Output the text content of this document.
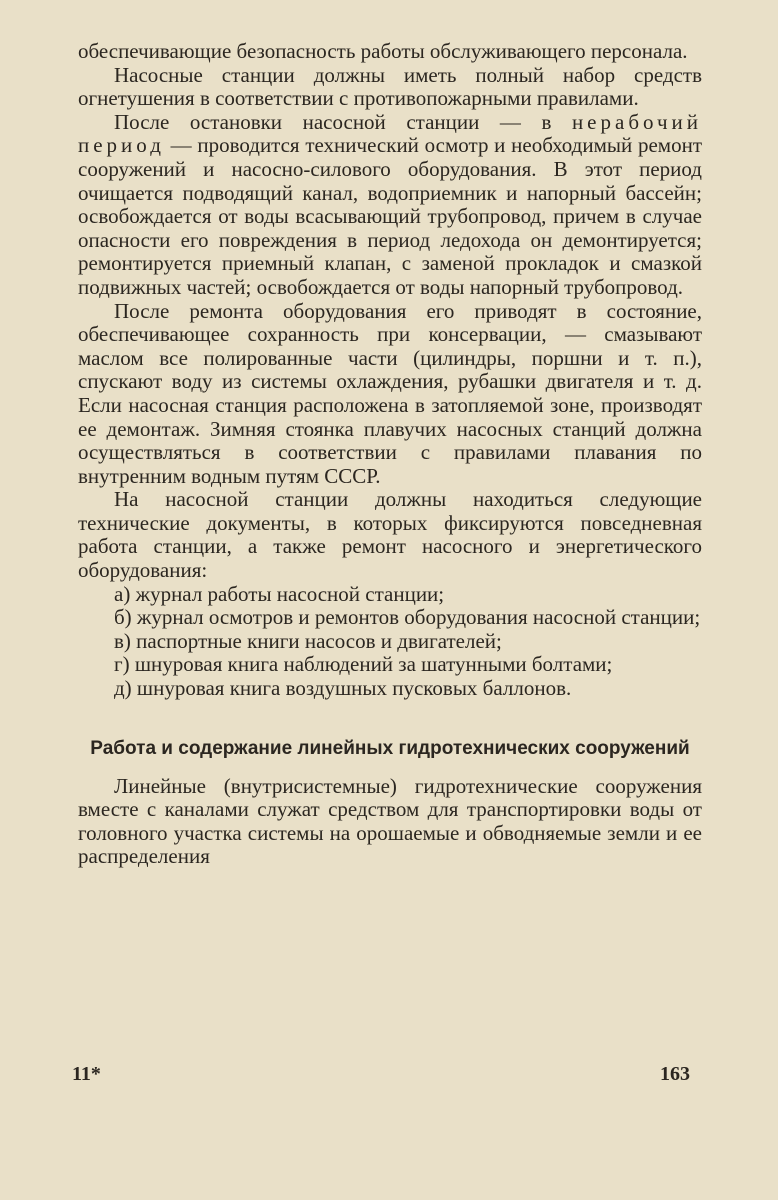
обеспечивающие безопасность работы обслуживающего персонала.

Насосные станции должны иметь полный набор средств огнетушения в соответствии с противопожарными правилами.

После остановки насосной станции — в нерабочий период — проводится технический осмотр и необходимый ремонт сооружений и насосно-силового оборудования. В этот период очищается подводящий канал, водоприемник и напорный бассейн; освобождается от воды всасывающий трубопровод, причем в случае опасности его повреждения в период ледохода он демонтируется; ремонтируется приемный клапан, с заменой прокладок и смазкой подвижных частей; освобождается от воды напорный трубопровод.

После ремонта оборудования его приводят в состояние, обеспечивающее сохранность при консервации, — смазывают маслом все полированные части (цилиндры, поршни и т. п.), спускают воду из системы охлаждения, рубашки двигателя и т. д. Если насосная станция расположена в затопляемой зоне, производят ее демонтаж. Зимняя стоянка плавучих насосных станций должна осуществляться в соответствии с правилами плавания по внутренним водным путям СССР.

На насосной станции должны находиться следующие технические документы, в которых фиксируются повседневная работа станции, а также ремонт насосного и энергетического оборудования:

а) журнал работы насосной станции;

б) журнал осмотров и ремонтов оборудования насосной станции;

в) паспортные книги насосов и двигателей;

г) шнуровая книга наблюдений за шатунными болтами;

д) шнуровая книга воздушных пусковых баллонов.

Работа и содержание линейных гидротехнических сооружений

Линейные (внутрисистемные) гидротехнические сооружения вместе с каналами служат средством для транспортировки воды от головного участка системы на орошаемые и обводняемые земли и ее распределения

11*	163
